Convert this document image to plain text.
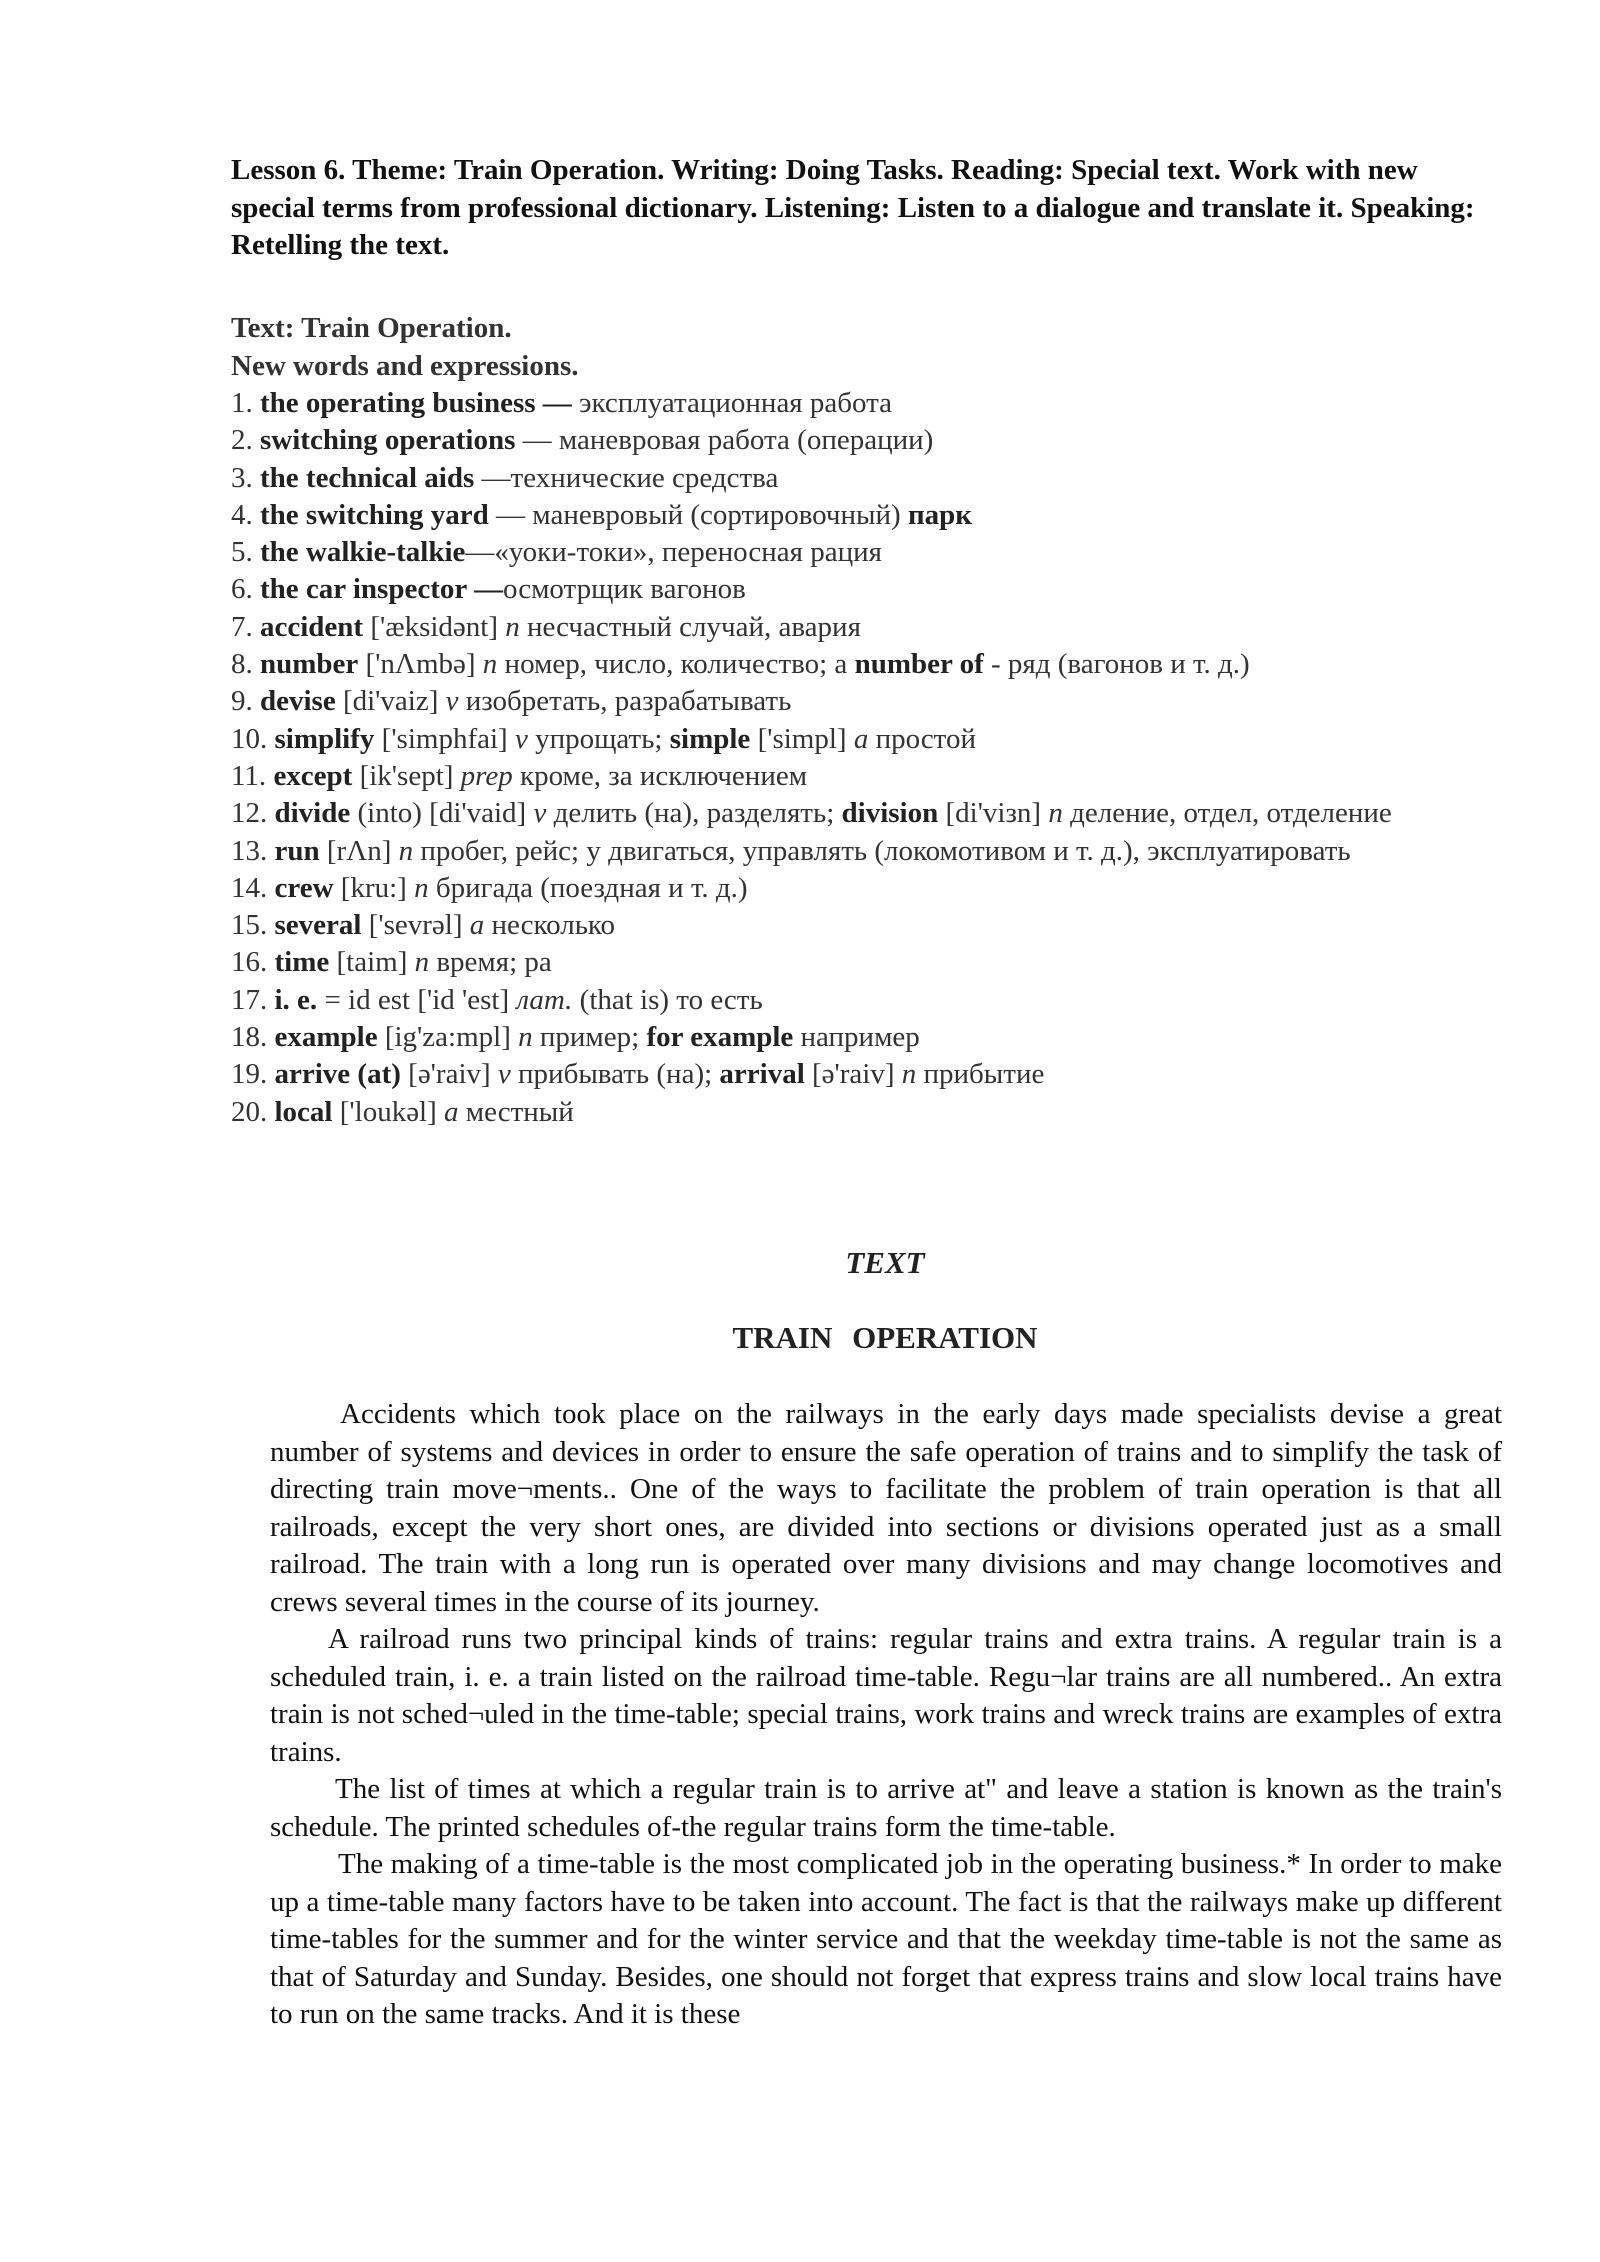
Lesson 6. Theme: Train Operation. Writing: Doing Tasks. Reading: Special text. Work with new special terms from professional dictionary. Listening: Listen to a dialogue and translate it. Speaking: Retelling the text.
Text: Train Operation.
New words and expressions.
1. the operating business — эксплуатационная работа
2. switching operations — маневровая работа (операции)
3. the technical aids —технические средства
4. the switching yard — маневровый (сортировочный) парк
5. the walkie-talkie—«уоки-токи», переносная рация
6. the car inspector —осмотрщик вагонов
7. accident ['æksidənt] n несчастный случай, авария
8. number ['nΛmbə] n номер, число, количество; а number of - ряд (вагонов и т. д.)
9. devise [di'vaiz] v изобретать, разрабатывать
10. simplify ['simphfai] v упрощать; simple ['simpl] a простой
11. except [ik'sept] prep кроме, за исключением
12. divide (into) [di'vaid] v делить (на), разделять; division [di'viзn] n деление, отдел, отделение
13. run [rΛn] n пробег, рейс; у двигаться, управлять (локомотивом и т. д.), эксплуатировать
14. crew [kru:] n бригада (поездная и т. д.)
15. several ['sevrəl] a несколько
16. time [taim] n время; ра
17. i. e. = id est ['id 'est] лат. (that is) то есть
18. example [ig'za:mpl] n пример; for example например
19. arrive (at) [ə'raiv] v прибывать (на); arrival [ə'raiv] n прибытие
20. local ['loukəl] a местный
TEXT
TRAIN OPERATION

Accidents which took place on the railways in the early days made specialists devise a great number of systems and devices in order to ensure the safe operation of trains and to simplify the task of directing train move¬ments.. One of the ways to facilitate the problem of train operation is that all railroads, except the very short ones, are divided into sections or divisions operated just as a small railroad. The train with a long run is operated over many divisions and may change locomotives and crews several times in the course of its journey.

A railroad runs two principal kinds of trains: regular trains and extra trains. A regular train is a scheduled train, i. e. a train listed on the railroad time-table. Regu¬lar trains are all numbered.. An extra train is not sched¬uled in the time-table; special trains, work trains and wreck trains are examples of extra trains.

The list of times at which a regular train is to arrive at" and leave a station is known as the train's schedule. The printed schedules of-the regular trains form the time-table.

The making of a time-table is the most complicated job in the operating business.* In order to make up a time-table many factors have to be taken into account. The fact is that the railways make up different time-tables for the summer and for the winter service and that the weekday time-table is not the same as that of Saturday and Sunday. Besides, one should not forget that express trains and slow local trains have to run on the same tracks. And it is these
